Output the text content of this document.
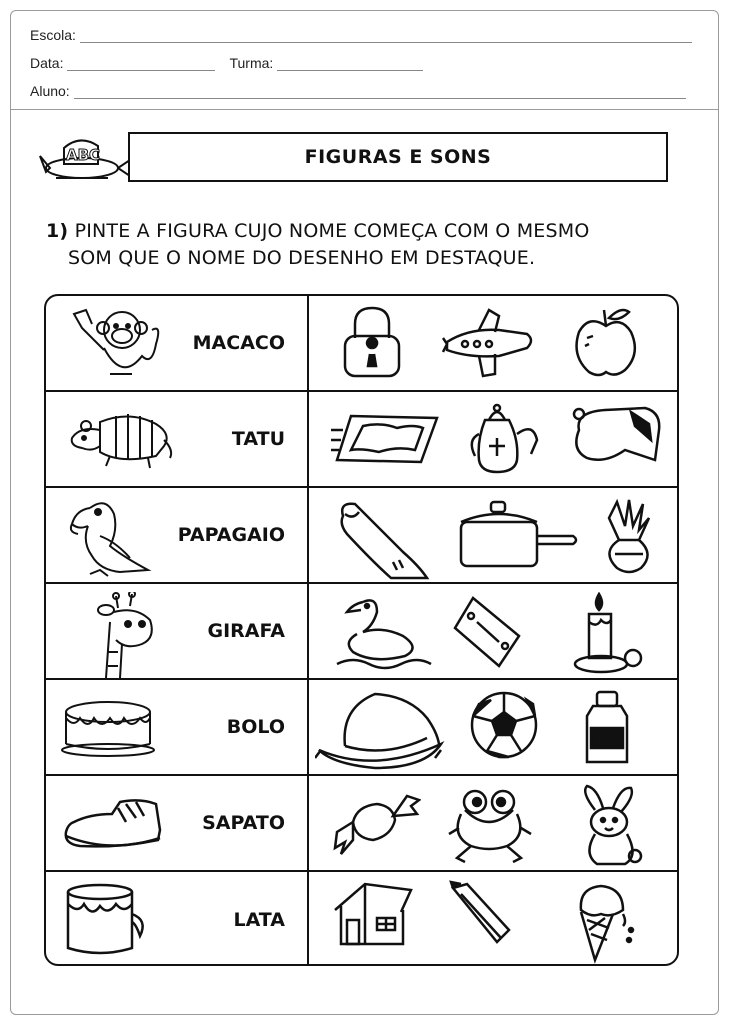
Escola:
Data:	Turma:
Aluno:
ABC	FIGURAS E SONS
1) PINTE A FIGURA CUJO NOME COMEÇA COM O MESMO
SOM QUE O NOME DO DESENHO EM DESTAQUE.
MACACO
TATU
PAPAGAIO
GIRAFA
BOLO
SAPATO
LATA
